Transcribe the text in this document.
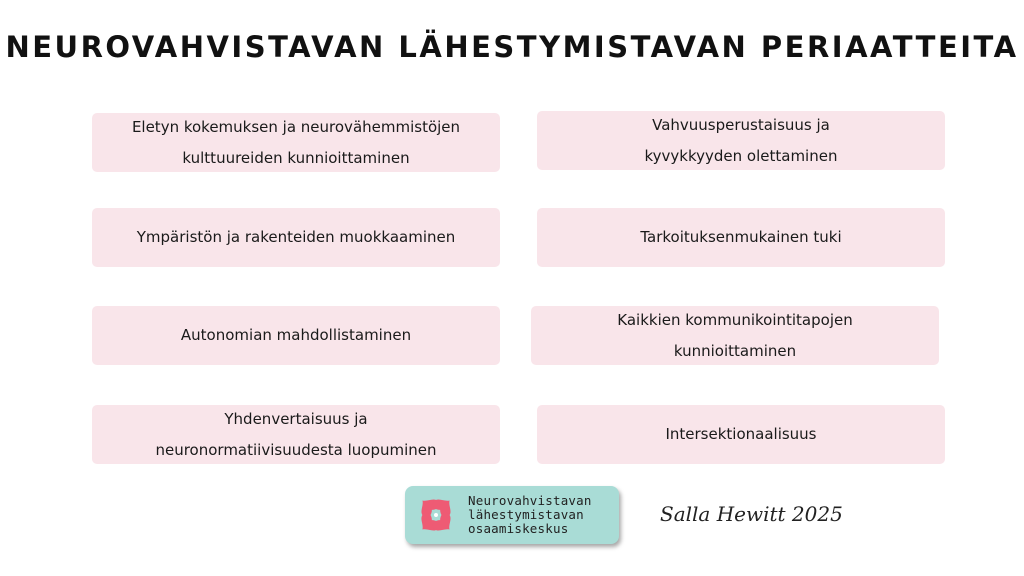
NEUROVAHVISTAVAN LÄHESTYMISTAVAN PERIAATTEITA
Eletyn kokemuksen ja neurovähemmistöjen
kulttuureiden kunnioittaminen
Ympäristön ja rakenteiden muokkaaminen
Autonomian mahdollistaminen
Yhdenvertaisuus ja
neuronormatiivisuudesta luopuminen
Vahvuusperustaisuus ja
kyvykkyyden olettaminen
Tarkoituksenmukainen tuki
Kaikkien kommunikointitapojen
kunnioittaminen
Intersektionaalisuus
Neurovahvistavan
lähestymistavan
osaamiskeskus
Salla Hewitt 2025
